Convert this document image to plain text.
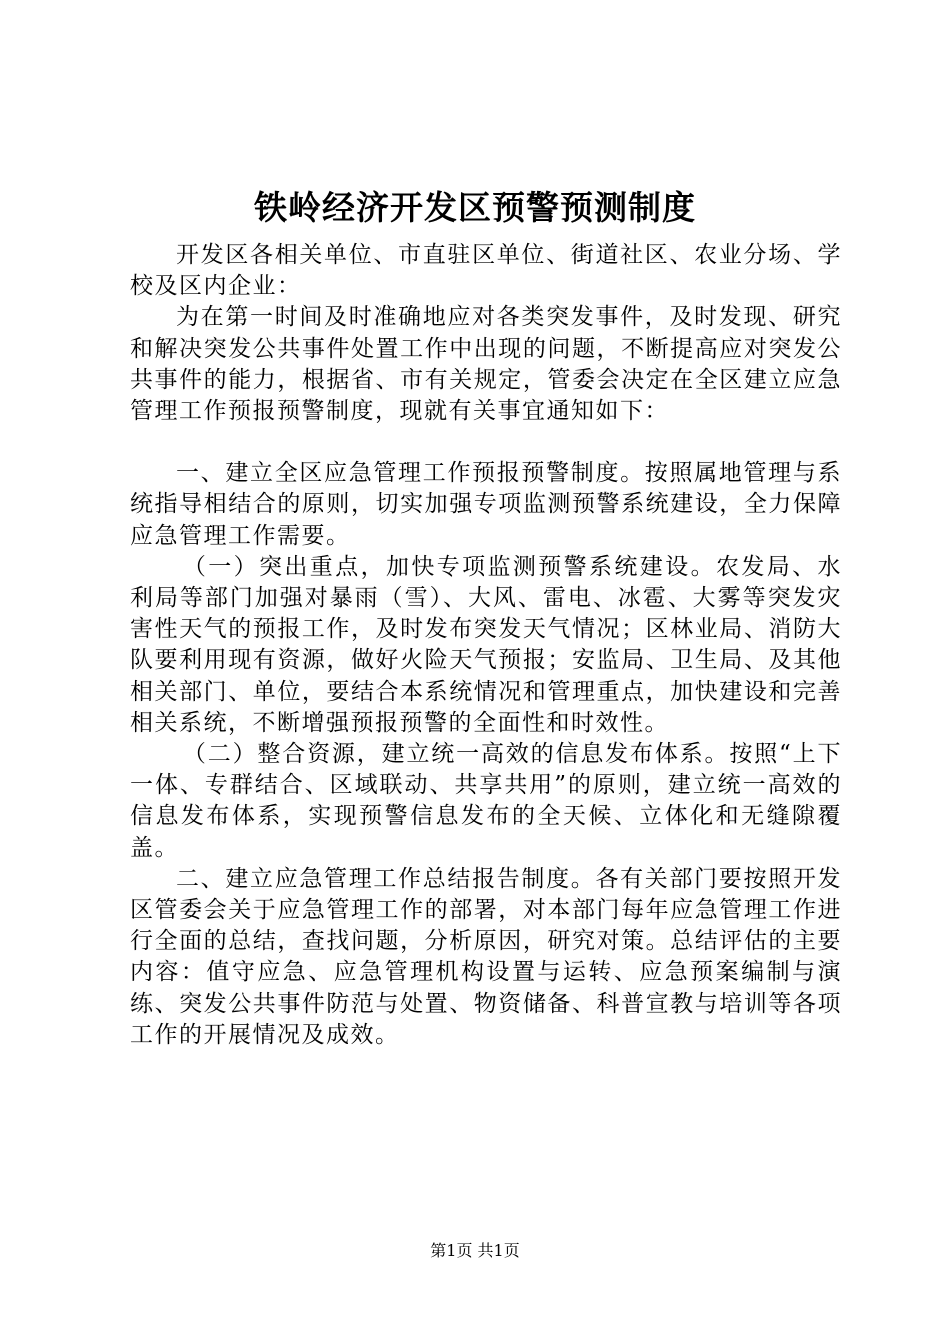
铁岭经济开发区预警预测制度

开发区各相关单位、市直驻区单位、街道社区、农业分场、学校及区内企业：

为在第一时间及时准确地应对各类突发事件，及时发现、研究和解决突发公共事件处置工作中出现的问题，不断提高应对突发公共事件的能力，根据省、市有关规定，管委会决定在全区建立应急管理工作预报预警制度，现就有关事宜通知如下：

一、建立全区应急管理工作预报预警制度。按照属地管理与系统指导相结合的原则，切实加强专项监测预警系统建设，全力保障应急管理工作需要。

（一）突出重点，加快专项监测预警系统建设。农发局、水利局等部门加强对暴雨（雪）、大风、雷电、冰雹、大雾等突发灾害性天气的预报工作，及时发布突发天气情况；区林业局、消防大队要利用现有资源，做好火险天气预报；安监局、卫生局、及其他相关部门、单位，要结合本系统情况和管理重点，加快建设和完善相关系统，不断增强预报预警的全面性和时效性。

（二）整合资源，建立统一高效的信息发布体系。按照“上下一体、专群结合、区域联动、共享共用”的原则，建立统一高效的信息发布体系，实现预警信息发布的全天候、立体化和无缝隙覆盖。

二、建立应急管理工作总结报告制度。各有关部门要按照开发区管委会关于应急管理工作的部署，对本部门每年应急管理工作进行全面的总结，查找问题，分析原因，研究对策。总结评估的主要内容：值守应急、应急管理机构设置与运转、应急预案编制与演练、突发公共事件防范与处置、物资储备、科普宣教与培训等各项工作的开展情况及成效。

第1页 共1页
